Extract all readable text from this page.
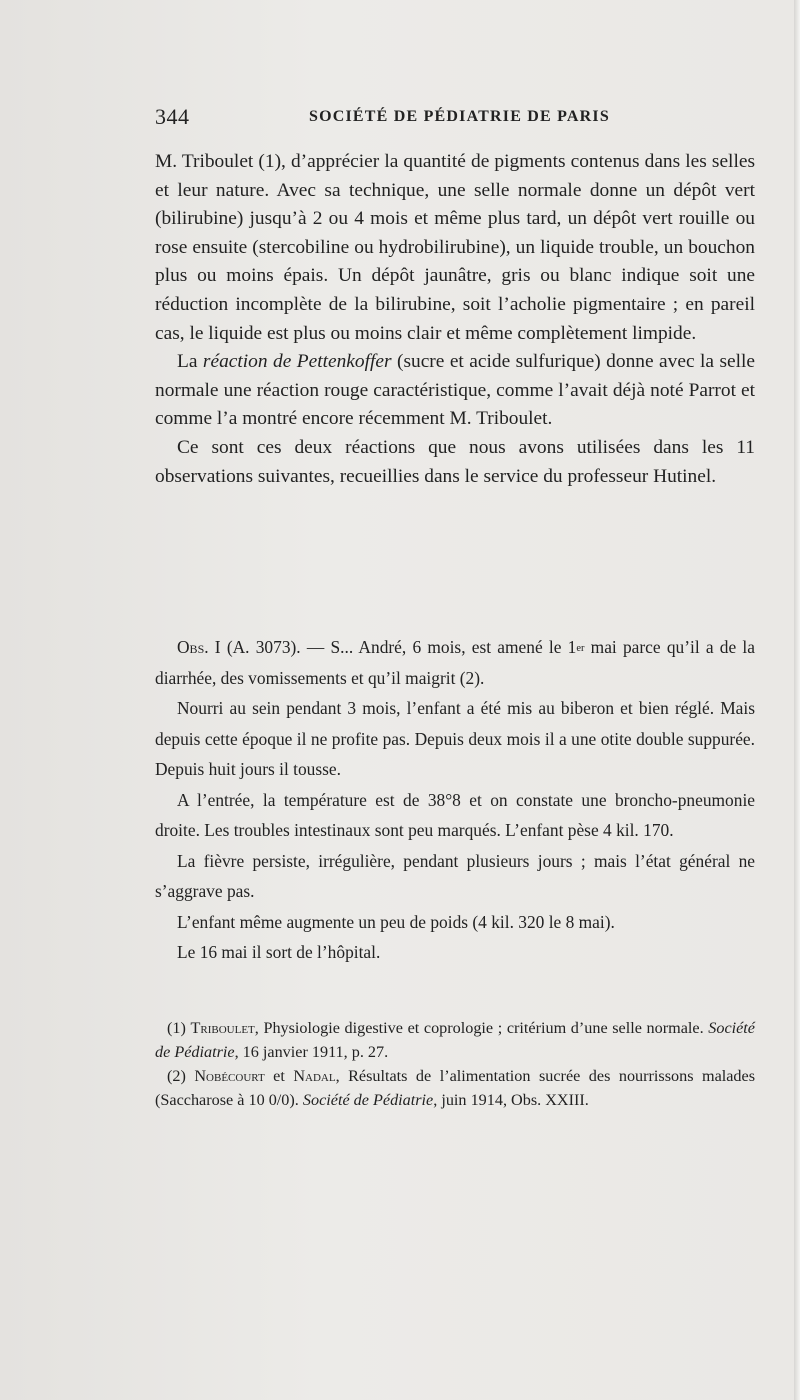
344	SOCIÉTÉ DE PÉDIATRIE DE PARIS

M. Triboulet (1), d’apprécier la quantité de pigments contenus dans les selles et leur nature. Avec sa technique, une selle normale donne un dépôt vert (bilirubine) jusqu’à 2 ou 4 mois et même plus tard, un dépôt vert rouille ou rose ensuite (stercobiline ou hydrobilirubine), un liquide trouble, un bouchon plus ou moins épais. Un dépôt jaunâtre, gris ou blanc indique soit une réduction incomplète de la bilirubine, soit l’acholie pigmentaire ; en pareil cas, le liquide est plus ou moins clair et même complètement limpide.

La réaction de Pettenkoffer (sucre et acide sulfurique) donne avec la selle normale une réaction rouge caractéristique, comme l’avait déjà noté Parrot et comme l’a montré encore récemment M. Triboulet.

Ce sont ces deux réactions que nous avons utilisées dans les 11 observations suivantes, recueillies dans le service du professeur Hutinel.

Obs. I (A. 3073). — S... André, 6 mois, est amené le 1er mai parce qu’il a de la diarrhée, des vomissements et qu’il maigrit (2).

Nourri au sein pendant 3 mois, l’enfant a été mis au biberon et bien réglé. Mais depuis cette époque il ne profite pas. Depuis deux mois il a une otite double suppurée. Depuis huit jours il tousse.

A l’entrée, la température est de 38°8 et on constate une broncho-pneumonie droite. Les troubles intestinaux sont peu marqués. L’enfant pèse 4 kil. 170.

La fièvre persiste, irrégulière, pendant plusieurs jours ; mais l’état général ne s’aggrave pas.

L’enfant même augmente un peu de poids (4 kil. 320 le 8 mai).

Le 16 mai il sort de l’hôpital.

(1) Triboulet, Physiologie digestive et coprologie ; critérium d’une selle normale. Société de Pédiatrie, 16 janvier 1911, p. 27.

(2) Nobécourt et Nadal, Résultats de l’alimentation sucrée des nourrissons malades (Saccharose à 10 0/0). Société de Pédiatrie, juin 1914, Obs. XXIII.
